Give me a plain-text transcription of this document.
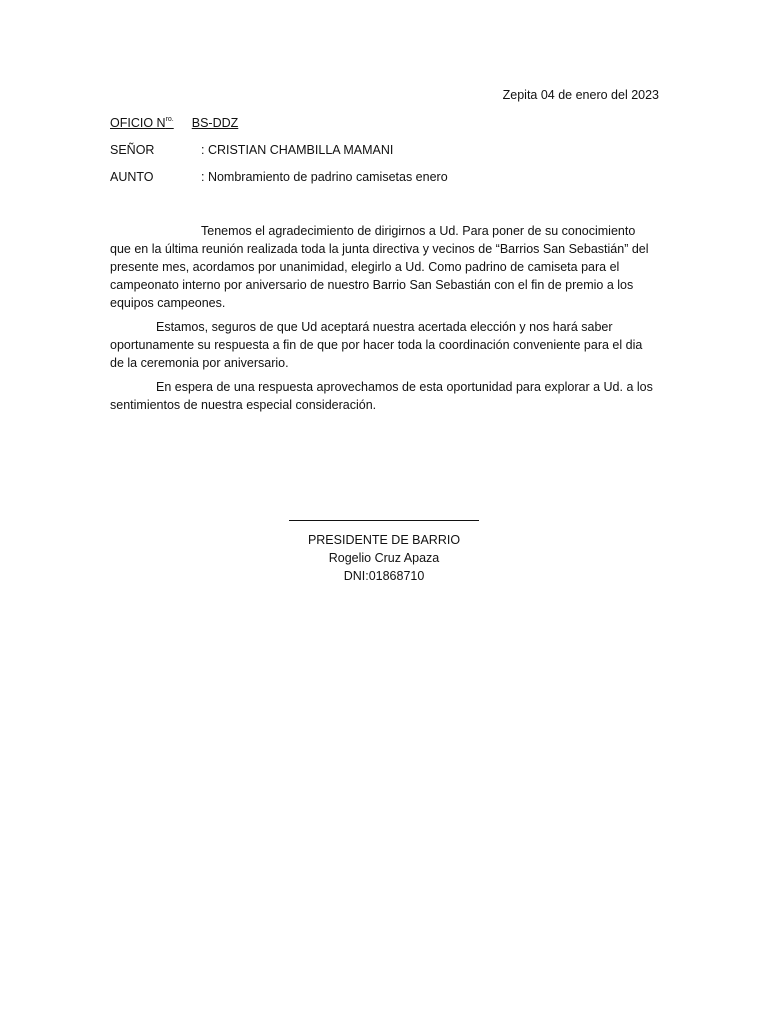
Zepita 04 de enero del 2023
OFICIO $N^{ro.}$ BS-DDZ
SEÑOR	: CRISTIAN CHAMBILLA MAMANI
AUNTO	: Nombramiento de padrino camisetas enero

Tenemos el agradecimiento de dirigirnos a Ud. Para poner de su conocimiento que en la última reunión realizada toda la junta directiva y vecinos de “Barrios San Sebastián” del presente mes, acordamos por unanimidad, elegirlo a Ud. Como padrino de camiseta para el campeonato interno por aniversario de nuestro Barrio San Sebastián con el fin de premio a los equipos campeones.

Estamos, seguros de que Ud aceptará nuestra acertada elección y nos hará saber oportunamente su respuesta a fin de que por hacer toda la coordinación conveniente para el dia de la ceremonia por aniversario.

En espera de una respuesta aprovechamos de esta oportunidad para explorar a Ud. a los sentimientos de nuestra especial consideración.

PRESIDENTE DE BARRIO
Rogelio Cruz Apaza
DNI:01868710
